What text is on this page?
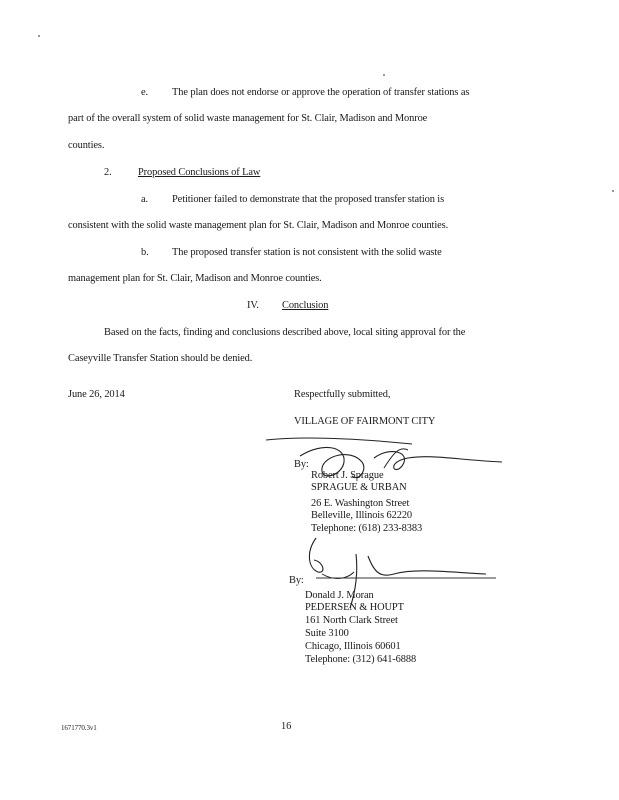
e. The plan does not endorse or approve the operation of transfer stations as
part of the overall system of solid waste management for St. Clair, Madison and Monroe
counties.
2.	Proposed Conclusions of Law
a. Petitioner failed to demonstrate that the proposed transfer station is
consistent with the solid waste management plan for St. Clair, Madison and Monroe counties.
b. The proposed transfer station is not consistent with the solid waste
management plan for St. Clair, Madison and Monroe counties.
IV. Conclusion
Based on the facts, finding and conclusions described above, local siting approval for the
Caseyville Transfer Station should be denied.
June 26, 2014	Respectfully submitted,
VILLAGE OF FAIRMONT CITY
By:
Robert J. Sprague
SPRAGUE & URBAN
26 E. Washington Street
Belleville, Illinois 62220
Telephone: (618) 233-8383
By:
Donald J. Moran
PEDERSEN & HOUPT
161 North Clark Street
Suite 3100
Chicago, Illinois 60601
Telephone: (312) 641-6888
1671770.3v1	16
